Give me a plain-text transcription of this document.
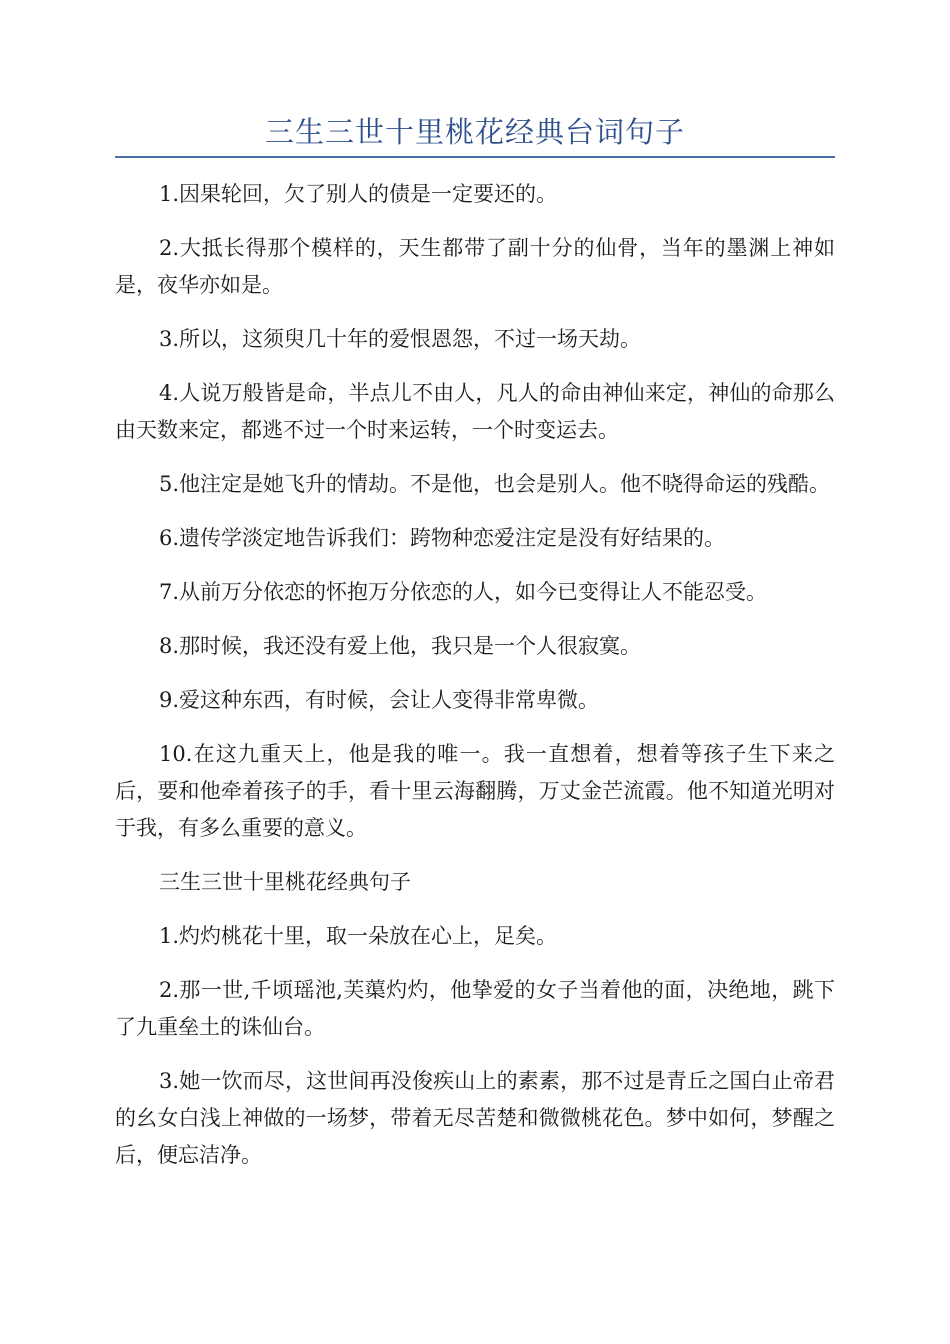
三生三世十里桃花经典台词句子

1.因果轮回，欠了别人的债是一定要还的。

2.大抵长得那个模样的，天生都带了副十分的仙骨，当年的墨渊上神如是，夜华亦如是。

3.所以，这须臾几十年的爱恨恩怨，不过一场天劫。

4.人说万般皆是命，半点儿不由人，凡人的命由神仙来定，神仙的命那么由天数来定，都逃不过一个时来运转，一个时变运去。

5.他注定是她飞升的情劫。不是他，也会是别人。他不晓得命运的残酷。

6.遗传学淡定地告诉我们：跨物种恋爱注定是没有好结果的。

7.从前万分依恋的怀抱万分依恋的人，如今已变得让人不能忍受。

8.那时候，我还没有爱上他，我只是一个人很寂寞。

9.爱这种东西，有时候，会让人变得非常卑微。

10.在这九重天上，他是我的唯一。我一直想着，想着等孩子生下来之后，要和他牵着孩子的手，看十里云海翻腾，万丈金芒流霞。他不知道光明对于我，有多么重要的意义。

三生三世十里桃花经典句子

1.灼灼桃花十里，取一朵放在心上，足矣。

2.那一世,千顷瑶池,芙蕖灼灼，他挚爱的女子当着他的面，决绝地，跳下了九重垒土的诛仙台。

3.她一饮而尽，这世间再没俊疾山上的素素，那不过是青丘之国白止帝君的幺女白浅上神做的一场梦，带着无尽苦楚和微微桃花色。梦中如何，梦醒之后，便忘洁净。
